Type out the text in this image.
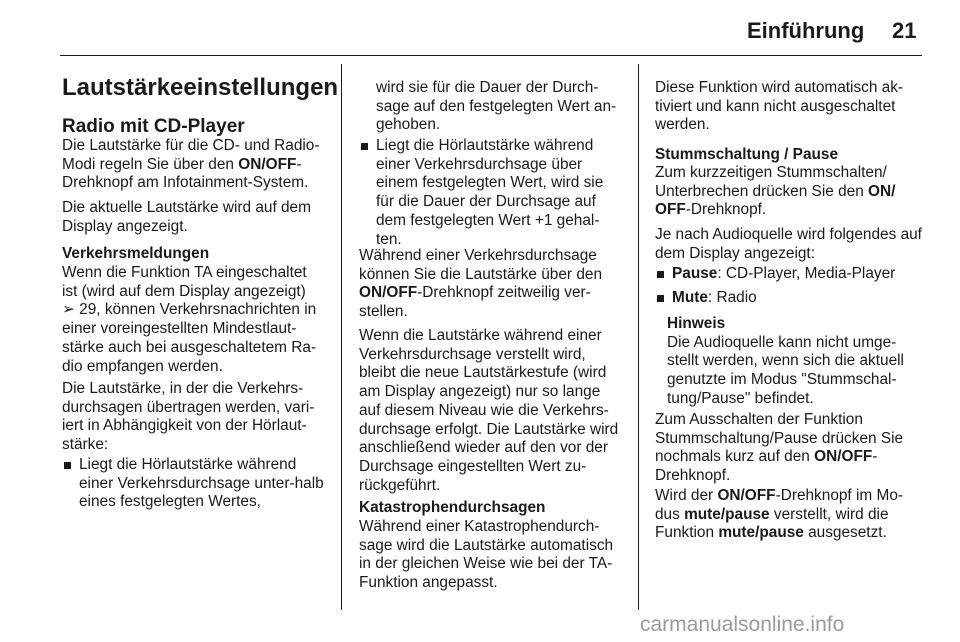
Einführung 21
Lautstärkeeinstellungen
Radio mit CD-Player

Die Lautstärke für die CD- und Radio-Modi regeln Sie über den ON/OFF-Drehknopf am Infotainment-System.

Die aktuelle Lautstärke wird auf dem Display angezeigt.

Verkehrsmeldungen

Wenn die Funktion TA eingeschaltet ist (wird auf dem Display angezeigt)
➢ 29, können Verkehrsnachrichten in einer voreingestellten Mindestlaut-stärke auch bei ausgeschaltetem Ra-dio empfangen werden.

Die Lautstärke, in der die Verkehrs-durchsagen übertragen werden, vari-iert in Abhängigkeit von der Hörlaut-stärke:

Liegt die Hörlautstärke während einer Verkehrsdurchsage unter-halb eines festgelegten Wertes,
wird sie für die Dauer der Durch-sage auf den festgelegten Wert an-gehoben.
Liegt die Hörlautstärke während einer Verkehrsdurchsage über einem festgelegten Wert, wird sie für die Dauer der Durchsage auf dem festgelegten Wert +1 gehal-ten.

Während einer Verkehrsdurchsage können Sie die Lautstärke über den ON/OFF-Drehknopf zeitweilig ver-stellen.

Wenn die Lautstärke während einer Verkehrsdurchsage verstellt wird, bleibt die neue Lautstärkestufe (wird am Display angezeigt) nur so lange auf diesem Niveau wie die Verkehrs-durchsage erfolgt. Die Lautstärke wird anschließend wieder auf den vor der Durchsage eingestellten Wert zu-rückgeführt.

Katastrophendurchsagen

Während einer Katastrophendurch-sage wird die Lautstärke automatisch in der gleichen Weise wie bei der TA-Funktion angepasst.

Diese Funktion wird automatisch ak-tiviert und kann nicht ausgeschaltet werden.

Stummschaltung / Pause

Zum kurzzeitigen Stummschalten/ Unterbrechen drücken Sie den ON/ OFF-Drehknopf.

Je nach Audioquelle wird folgendes auf dem Display angezeigt:

Pause: CD-Player, Media-Player
Mute: Radio
Hinweis
Die Audioquelle kann nicht umge-stellt werden, wenn sich die aktuell genutzte im Modus "Stummschal-tung/Pause" befindet.

Zum Ausschalten der Funktion Stummschaltung/Pause drücken Sie nochmals kurz auf den ON/OFF-Drehknopf.

Wird der ON/OFF-Drehknopf im Mo-dus mute/pause verstellt, wird die Funktion mute/pause ausgesetzt.

carmanualsonline.info
